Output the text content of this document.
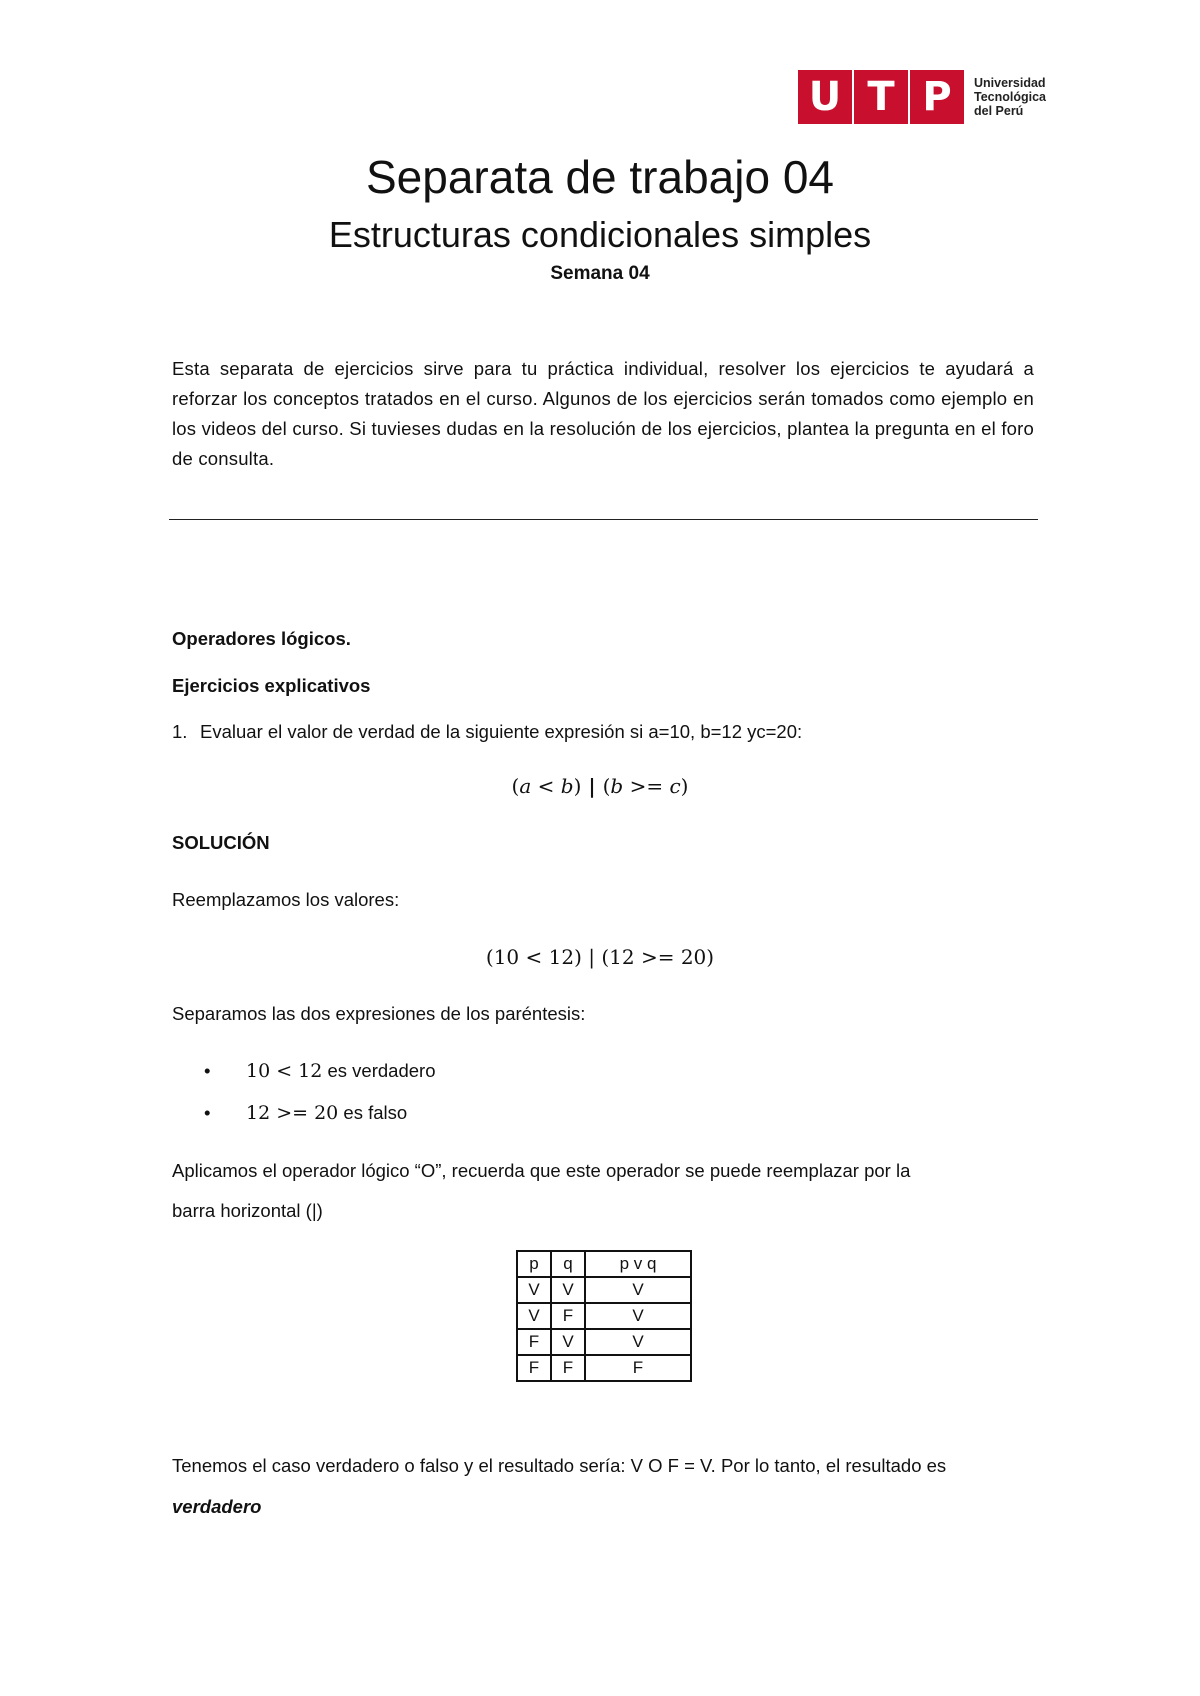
U T P	Universidad
Tecnológica
del Perú
Separata de trabajo 04
Estructuras condicionales simples
Semana 04
Esta separata de ejercicios sirve para tu práctica individual, resolver los ejercicios te ayudará a reforzar los conceptos tratados en el curso. Algunos de los ejercicios serán tomados como ejemplo en los videos del curso. Si tuvieses dudas en la resolución de los ejercicios, plantea la pregunta en el foro de consulta.
Operadores lógicos.
Ejercicios explicativos
1. Evaluar el valor de verdad de la siguiente expresión si a=10, b=12 yc=20:
(a < b) | (b >= c)
SOLUCIÓN
Reemplazamos los valores:
(10 < 12) | (12 >= 20)
Separamos las dos expresiones de los paréntesis:
• 10 < 12 es verdadero
• 12 >= 20 es falso
Aplicamos el operador lógico “O”, recuerda que este operador se puede reemplazar por la
barra horizontal (|)
p	q	p v q
V	V	V
V	F	V
F	V	V
F	F	F
Tenemos el caso verdadero o falso y el resultado sería: V O F = V. Por lo tanto, el resultado es
verdadero
